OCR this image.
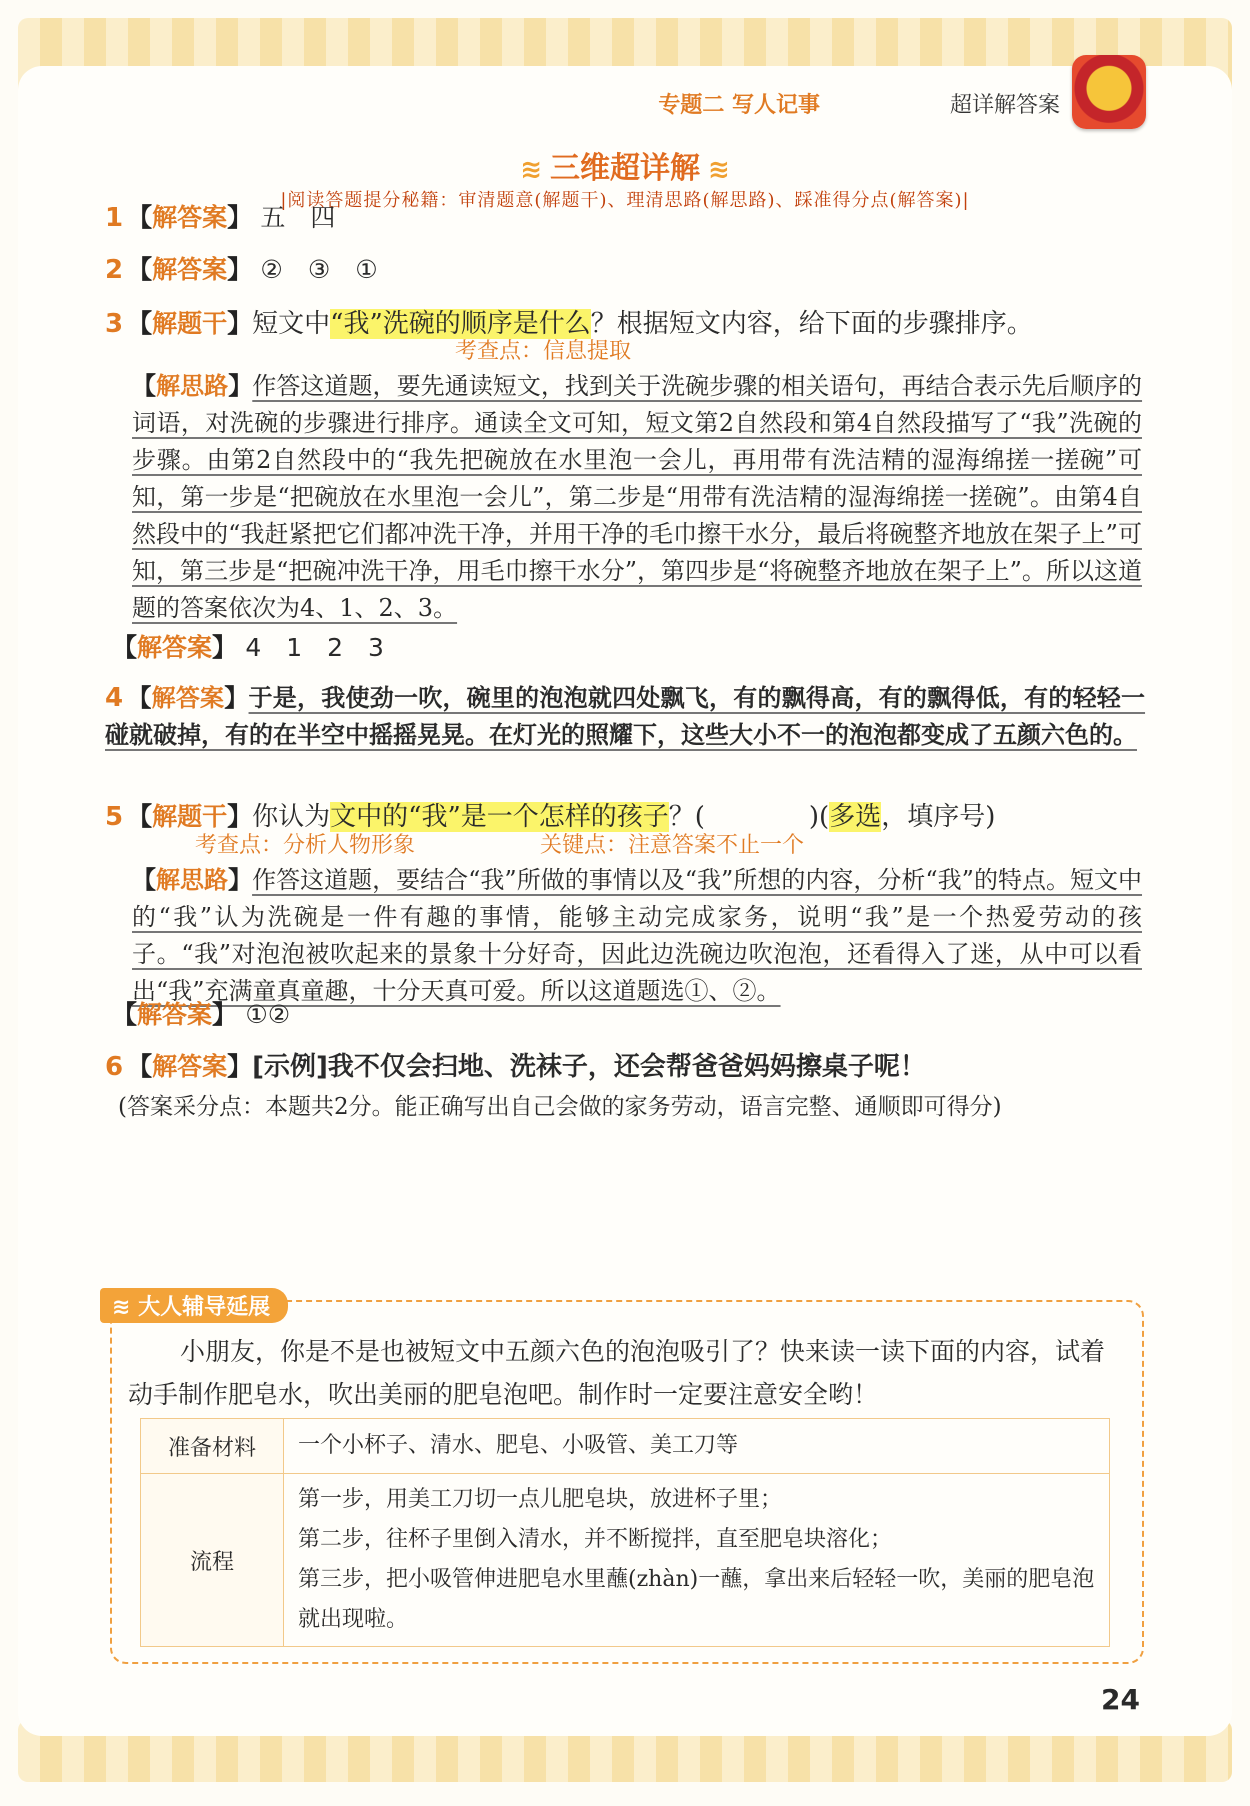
专题二 写人记事	超详解答案
≋ 三维超详解 ≋
|阅读答题提分秘籍：审清题意(解题干)、理清思路(解思路)、踩准得分点(解答案)|
1 【解答案】 五　四
2 【解答案】 ②　③　①
3 【解题干】短文中“我”洗碗的顺序是什么？根据短文内容，给下面的步骤排序。
考查点：信息提取
【解思路】作答这道题，要先通读短文，找到关于洗碗步骤的相关语句，再结合表示先后顺序的词语，对洗碗的步骤进行排序。通读全文可知，短文第2自然段和第4自然段描写了“我”洗碗的步骤。由第2自然段中的“我先把碗放在水里泡一会儿，再用带有洗洁精的湿海绵搓一搓碗”可知，第一步是“把碗放在水里泡一会儿”，第二步是“用带有洗洁精的湿海绵搓一搓碗”。由第4自然段中的“我赶紧把它们都冲洗干净，并用干净的毛巾擦干水分，最后将碗整齐地放在架子上”可知，第三步是“把碗冲洗干净，用毛巾擦干水分”，第四步是“将碗整齐地放在架子上”。所以这道题的答案依次为4、1、2、3。
【解答案】 4　1　2　3
4 【解答案】于是，我使劲一吹，碗里的泡泡就四处飘飞，有的飘得高，有的飘得低，有的轻轻一碰就破掉，有的在半空中摇摇晃晃。在灯光的照耀下，这些大小不一的泡泡都变成了五颜六色的。
5 【解题干】你认为文中的“我”是一个怎样的孩子？(　　　　)(多选，填序号)
考查点：分析人物形象	关键点：注意答案不止一个
【解思路】作答这道题，要结合“我”所做的事情以及“我”所想的内容，分析“我”的特点。短文中的“我”认为洗碗是一件有趣的事情，能够主动完成家务，说明“我”是一个热爱劳动的孩子。“我”对泡泡被吹起来的景象十分好奇，因此边洗碗边吹泡泡，还看得入了迷，从中可以看出“我”充满童真童趣，十分天真可爱。所以这道题选①、②。
【解答案】 ①②
6 【解答案】[示例]我不仅会扫地、洗袜子，还会帮爸爸妈妈擦桌子呢！
(答案采分点：本题共2分。能正确写出自己会做的家务劳动，语言完整、通顺即可得分)
≋ 大人辅导延展
小朋友，你是不是也被短文中五颜六色的泡泡吸引了？快来读一读下面的内容，试着动手制作肥皂水，吹出美丽的肥皂泡吧。制作时一定要注意安全哟！
准备材料	一个小杯子、清水、肥皂、小吸管、美工刀等
流程	第一步，用美工刀切一点儿肥皂块，放进杯子里；
第二步，往杯子里倒入清水，并不断搅拌，直至肥皂块溶化；
第三步，把小吸管伸进肥皂水里蘸(zhàn)一蘸，拿出来后轻轻一吹，美丽的肥皂泡就出现啦。
24
